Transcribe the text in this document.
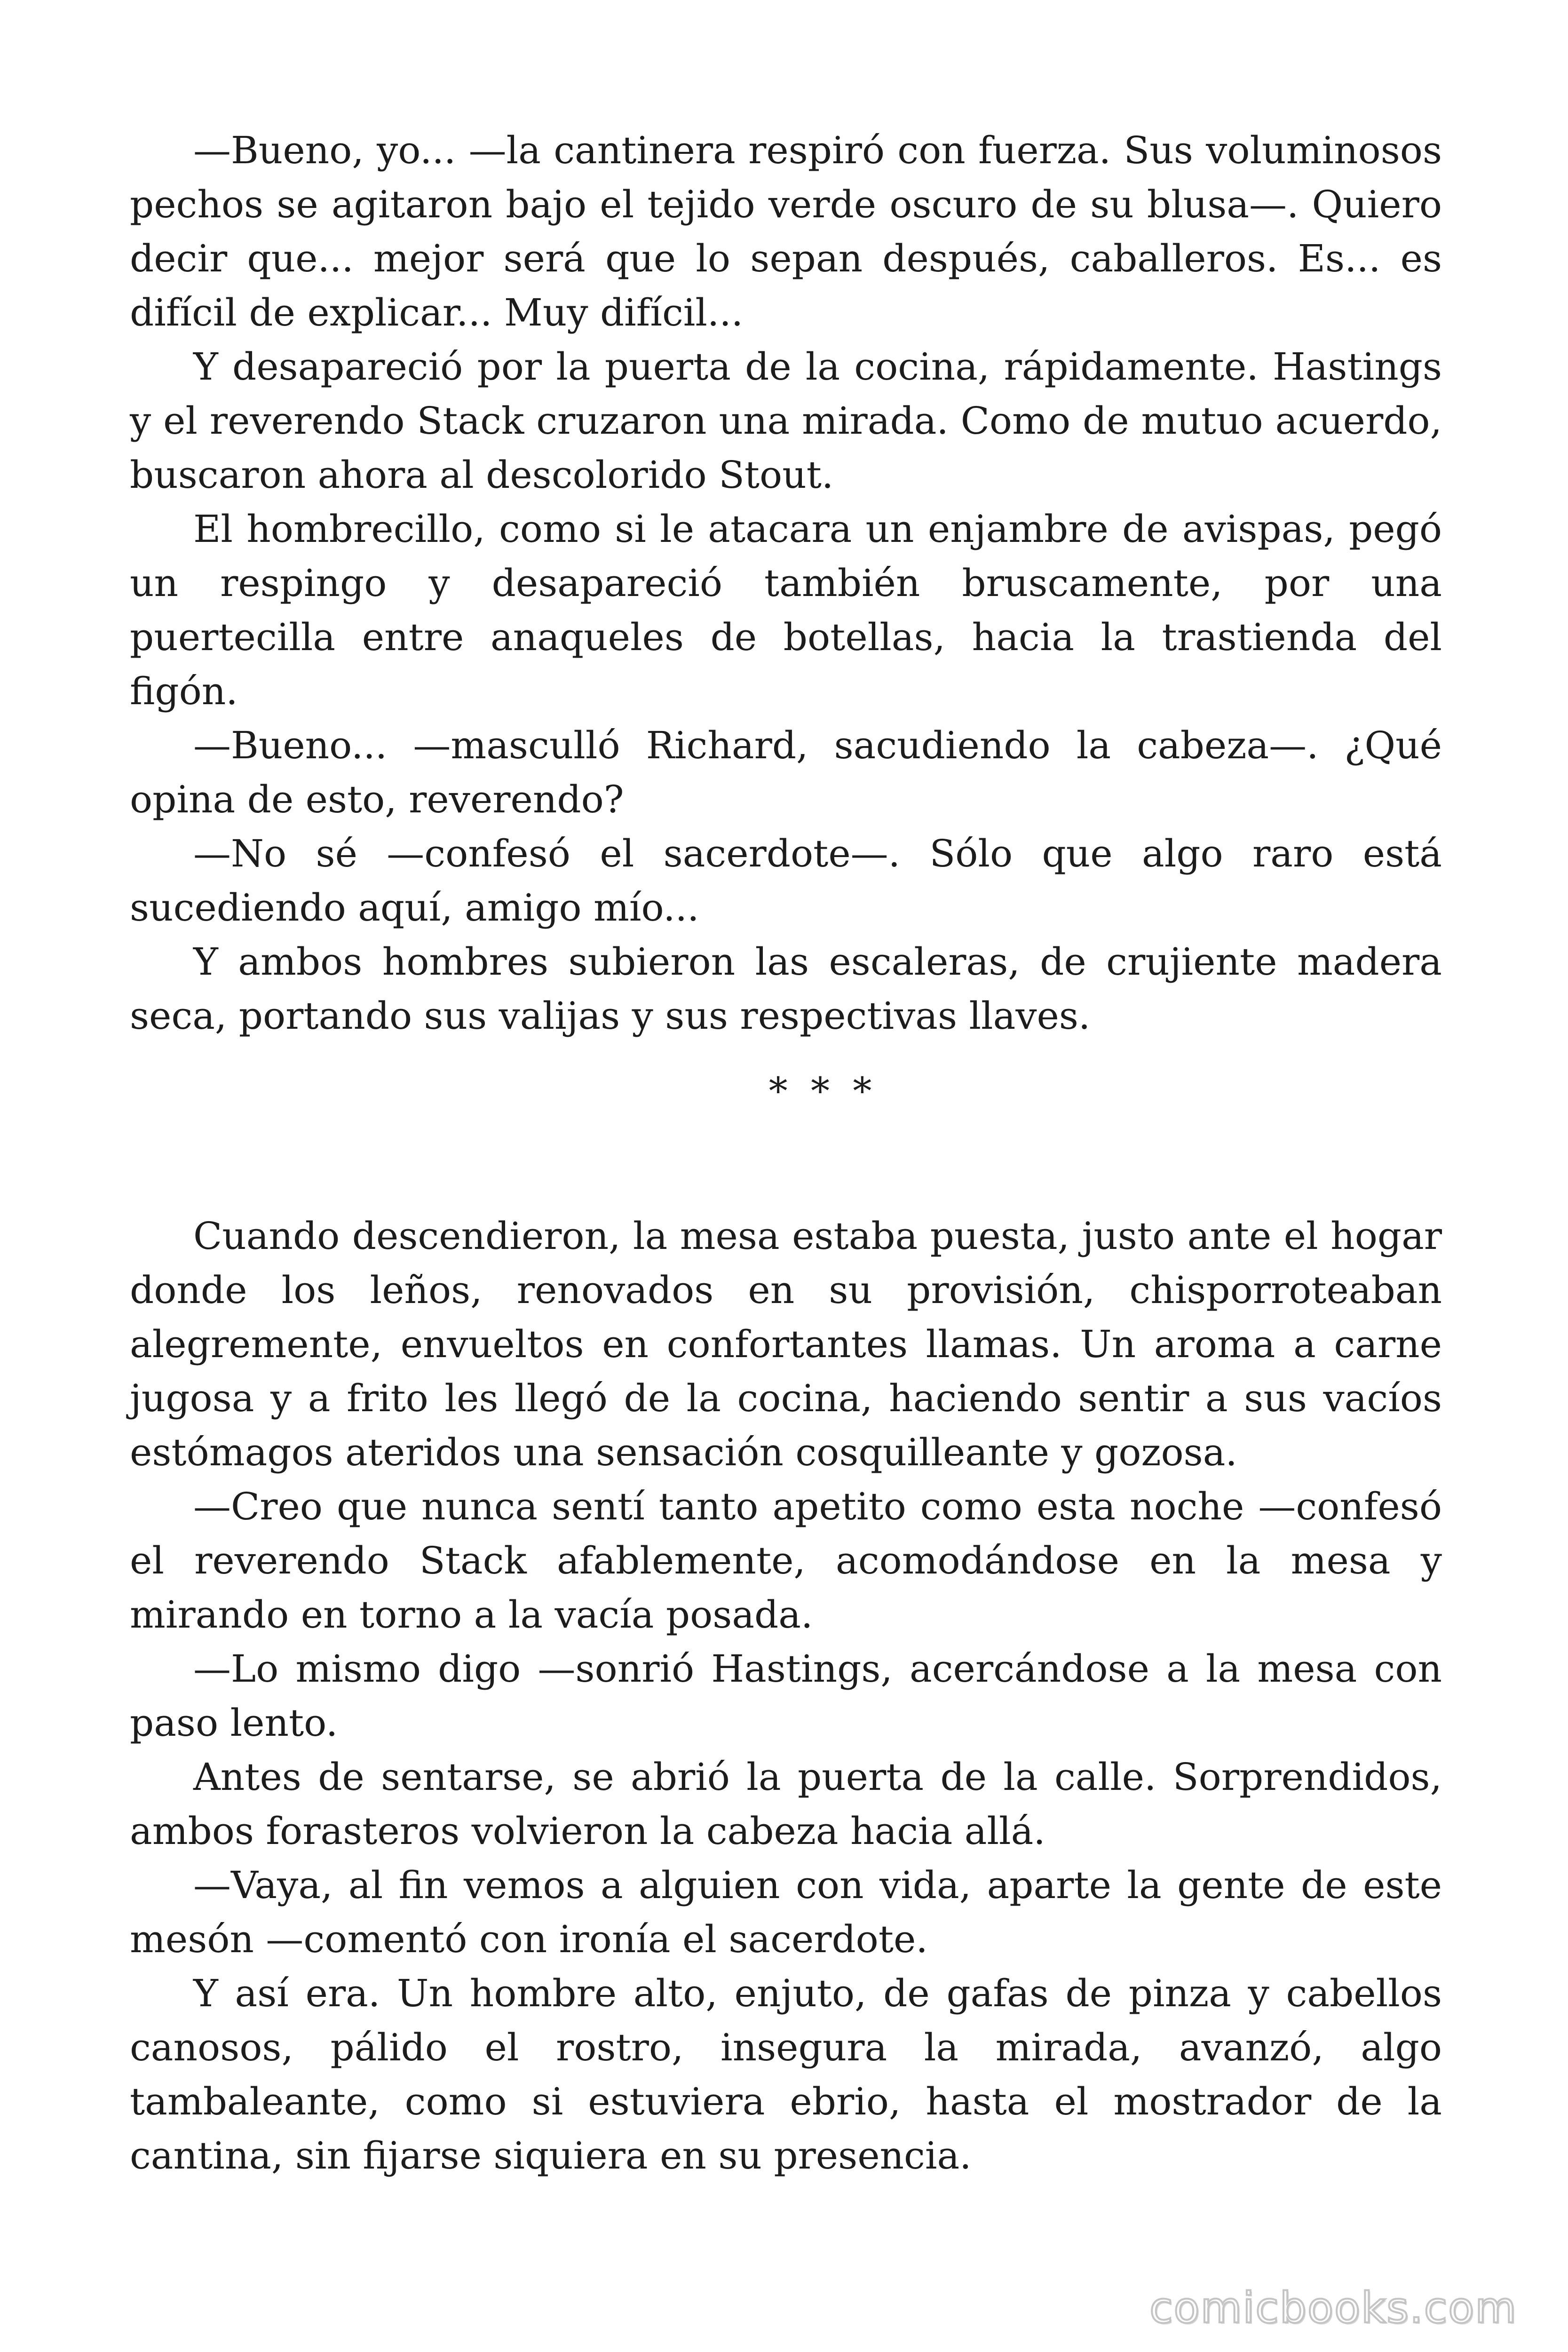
—Bueno, yo... —la cantinera respiró con fuerza. Sus voluminosos pechos se agitaron bajo el tejido verde oscuro de su blusa—. Quiero decir que... mejor será que lo sepan después, caballeros. Es... es difícil de explicar... Muy difícil...

Y desapareció por la puerta de la cocina, rápidamente. Hastings y el reverendo Stack cruzaron una mirada. Como de mutuo acuerdo, buscaron ahora al descolorido Stout.

El hombrecillo, como si le atacara un enjambre de avispas, pegó un respingo y desapareció también bruscamente, por una puertecilla entre anaqueles de botellas, hacia la trastienda del figón.

—Bueno... —masculló Richard, sacudiendo la cabeza—. ¿Qué opina de esto, reverendo?

—No sé —confesó el sacerdote—. Sólo que algo raro está sucediendo aquí, amigo mío...

Y ambos hombres subieron las escaleras, de crujiente madera seca, portando sus valijas y sus respectivas llaves.

* * *

Cuando descendieron, la mesa estaba puesta, justo ante el hogar donde los leños, renovados en su provisión, chisporroteaban alegremente, envueltos en confortantes llamas. Un aroma a carne jugosa y a frito les llegó de la cocina, haciendo sentir a sus vacíos estómagos ateridos una sensación cosquilleante y gozosa.

—Creo que nunca sentí tanto apetito como esta noche —confesó el reverendo Stack afablemente, acomodándose en la mesa y mirando en torno a la vacía posada.

—Lo mismo digo —sonrió Hastings, acercándose a la mesa con paso lento.

Antes de sentarse, se abrió la puerta de la calle. Sorprendidos, ambos forasteros volvieron la cabeza hacia allá.

—Vaya, al fin vemos a alguien con vida, aparte la gente de este mesón —comentó con ironía el sacerdote.

Y así era. Un hombre alto, enjuto, de gafas de pinza y cabellos canosos, pálido el rostro, insegura la mirada, avanzó, algo tambaleante, como si estuviera ebrio, hasta el mostrador de la cantina, sin fijarse siquiera en su presencia.

comicbooks.com
